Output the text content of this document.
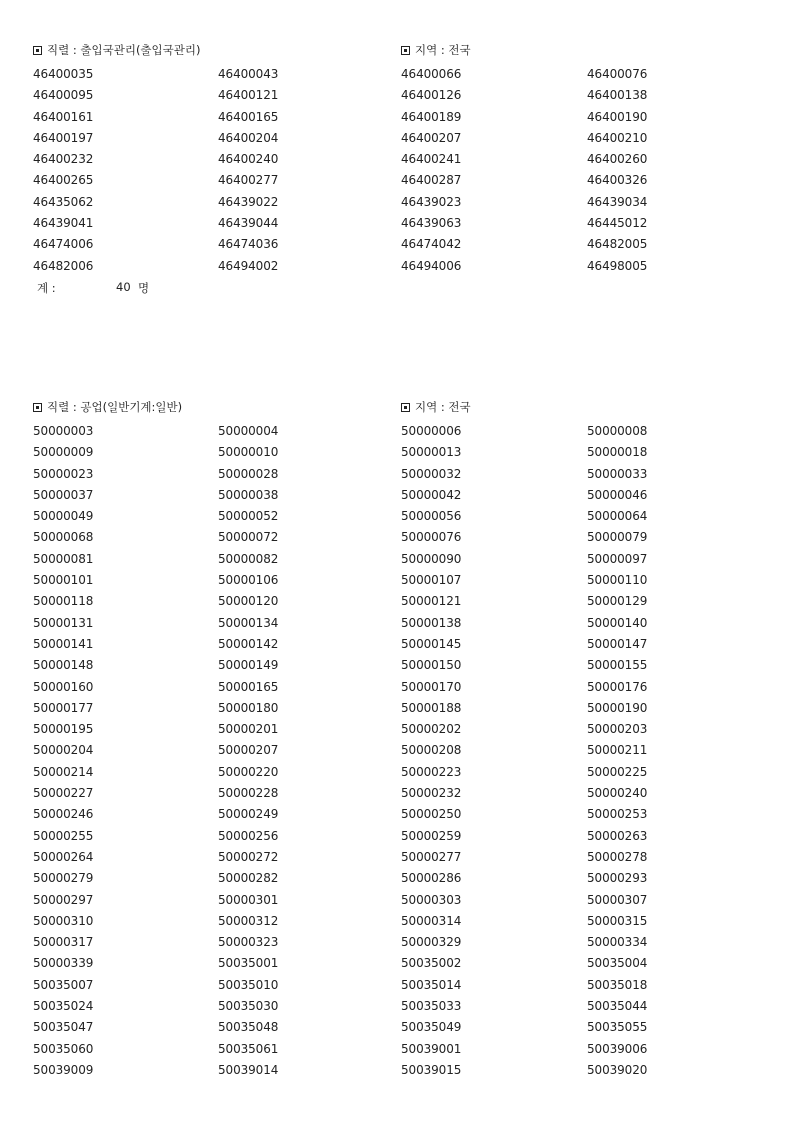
직렬 : 출입국관리(출입국관리)	지역 : 전국
46400035	46400043	46400066	46400076
46400095	46400121	46400126	46400138
46400161	46400165	46400189	46400190
46400197	46400204	46400207	46400210
46400232	46400240	46400241	46400260
46400265	46400277	46400287	46400326
46435062	46439022	46439023	46439034
46439041	46439044	46439063	46445012
46474006	46474036	46474042	46482005
46482006	46494002	46494006	46498005
계 :	40 명
직렬 : 공업(일반기계:일반)	지역 : 전국
50000003	50000004	50000006	50000008
50000009	50000010	50000013	50000018
50000023	50000028	50000032	50000033
50000037	50000038	50000042	50000046
50000049	50000052	50000056	50000064
50000068	50000072	50000076	50000079
50000081	50000082	50000090	50000097
50000101	50000106	50000107	50000110
50000118	50000120	50000121	50000129
50000131	50000134	50000138	50000140
50000141	50000142	50000145	50000147
50000148	50000149	50000150	50000155
50000160	50000165	50000170	50000176
50000177	50000180	50000188	50000190
50000195	50000201	50000202	50000203
50000204	50000207	50000208	50000211
50000214	50000220	50000223	50000225
50000227	50000228	50000232	50000240
50000246	50000249	50000250	50000253
50000255	50000256	50000259	50000263
50000264	50000272	50000277	50000278
50000279	50000282	50000286	50000293
50000297	50000301	50000303	50000307
50000310	50000312	50000314	50000315
50000317	50000323	50000329	50000334
50000339	50035001	50035002	50035004
50035007	50035010	50035014	50035018
50035024	50035030	50035033	50035044
50035047	50035048	50035049	50035055
50035060	50035061	50039001	50039006
50039009	50039014	50039015	50039020
